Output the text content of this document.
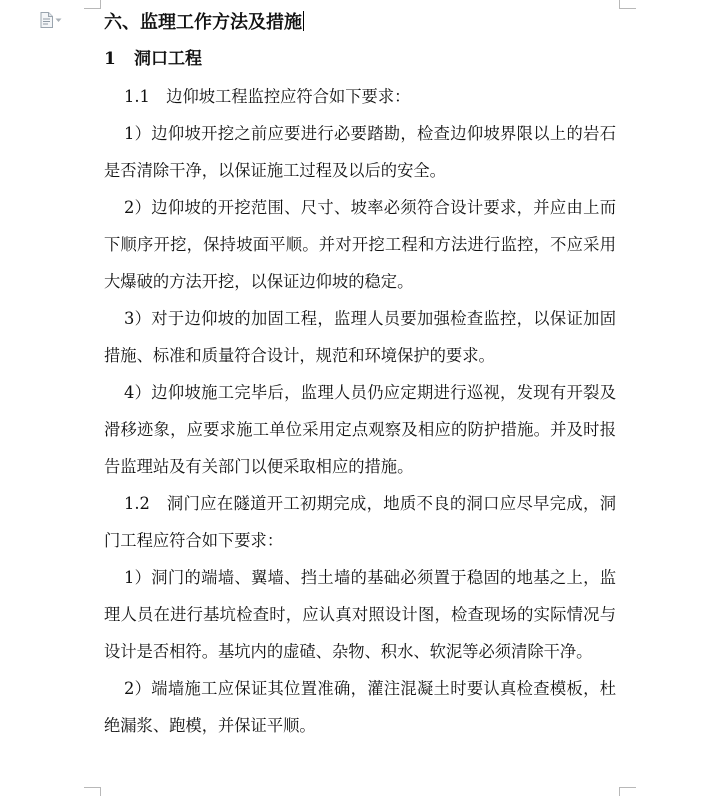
六、监理工作方法及措施
1 洞口工程

1.1　边仰坡工程监控应符合如下要求：

1）边仰坡开挖之前应要进行必要踏勘，检查边仰坡界限以上的岩石是否清除干净，以保证施工过程及以后的安全。

2）边仰坡的开挖范围、尺寸、坡率必须符合设计要求，并应由上而下顺序开挖，保持坡面平顺。并对开挖工程和方法进行监控，不应采用大爆破的方法开挖，以保证边仰坡的稳定。

3）对于边仰坡的加固工程，监理人员要加强检查监控，以保证加固措施、标准和质量符合设计，规范和环境保护的要求。

4）边仰坡施工完毕后，监理人员仍应定期进行巡视，发现有开裂及滑移迹象，应要求施工单位采用定点观察及相应的防护措施。并及时报告监理站及有关部门以便采取相应的措施。

1.2　洞门应在隧道开工初期完成，地质不良的洞口应尽早完成，洞门工程应符合如下要求：

1）洞门的端墙、翼墙、挡土墙的基础必须置于稳固的地基之上，监理人员在进行基坑检查时，应认真对照设计图，检查现场的实际情况与设计是否相符。基坑内的虚碴、杂物、积水、软泥等必须清除干净。

2）端墙施工应保证其位置准确，灌注混凝土时要认真检查模板，杜绝漏浆、跑模，并保证平顺。
